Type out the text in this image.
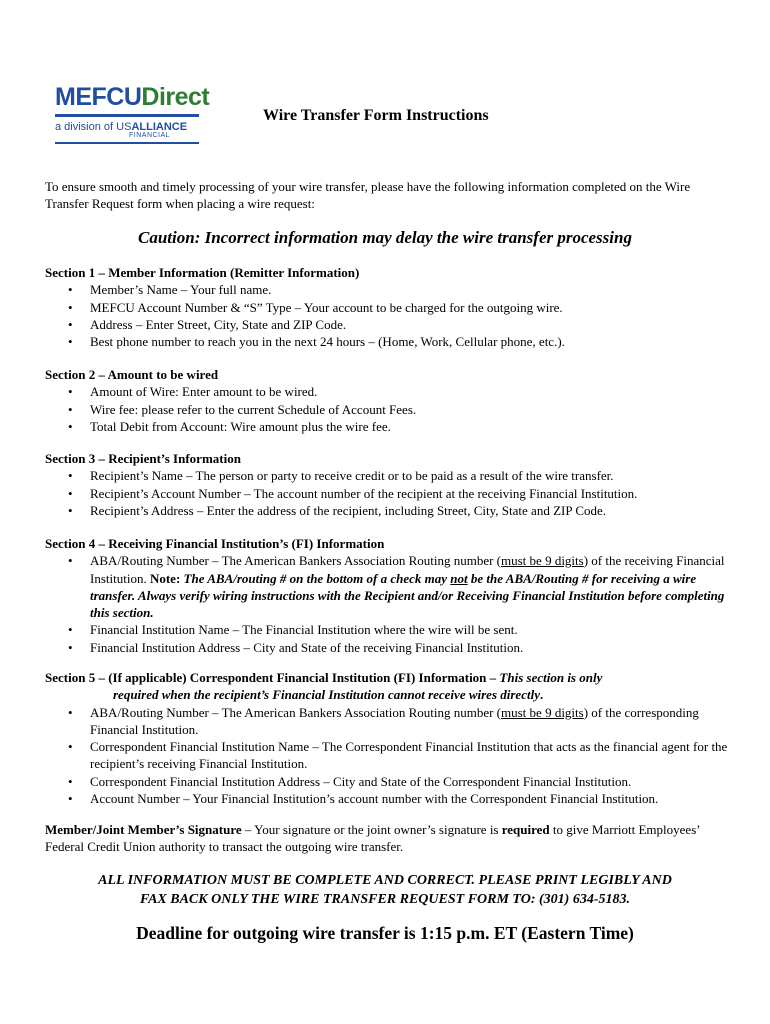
MEFCUDirect
a division of USALLIANCE
FINANCIAL
Wire Transfer Form Instructions
To ensure smooth and timely processing of your wire transfer, please have the following information completed on the Wire Transfer Request form when placing a wire request:
Caution: Incorrect information may delay the wire transfer processing
Section 1 – Member Information (Remitter Information)
• Member’s Name – Your full name.
• MEFCU Account Number & “S” Type – Your account to be charged for the outgoing wire.
• Address – Enter Street, City, State and ZIP Code.
• Best phone number to reach you in the next 24 hours – (Home, Work, Cellular phone, etc.).
Section 2 – Amount to be wired
• Amount of Wire: Enter amount to be wired.
• Wire fee: please refer to the current Schedule of Account Fees.
• Total Debit from Account: Wire amount plus the wire fee.
Section 3 – Recipient’s Information
• Recipient’s Name – The person or party to receive credit or to be paid as a result of the wire transfer.
• Recipient’s Account Number – The account number of the recipient at the receiving Financial Institution.
• Recipient’s Address – Enter the address of the recipient, including Street, City, State and ZIP Code.
Section 4 – Receiving Financial Institution’s (FI) Information
• ABA/Routing Number – The American Bankers Association Routing number (must be 9 digits) of the receiving Financial Institution. Note: The ABA/routing # on the bottom of a check may not be the ABA/Routing # for receiving a wire transfer. Always verify wiring instructions with the Recipient and/or Receiving Financial Institution before completing this section.
• Financial Institution Name – The Financial Institution where the wire will be sent.
• Financial Institution Address – City and State of the receiving Financial Institution.
Section 5 – (If applicable) Correspondent Financial Institution (FI) Information – This section is only
required when the recipient’s Financial Institution cannot receive wires directly.
• ABA/Routing Number – The American Bankers Association Routing number (must be 9 digits) of the corresponding Financial Institution.
• Correspondent Financial Institution Name – The Correspondent Financial Institution that acts as the financial agent for the recipient’s receiving Financial Institution.
• Correspondent Financial Institution Address – City and State of the Correspondent Financial Institution.
• Account Number – Your Financial Institution’s account number with the Correspondent Financial Institution.
Member/Joint Member’s Signature – Your signature or the joint owner’s signature is required to give Marriott Employees’ Federal Credit Union authority to transact the outgoing wire transfer.
ALL INFORMATION MUST BE COMPLETE AND CORRECT. PLEASE PRINT LEGIBLY AND
FAX BACK ONLY THE WIRE TRANSFER REQUEST FORM TO: (301) 634-5183.
Deadline for outgoing wire transfer is 1:15 p.m. ET (Eastern Time)
